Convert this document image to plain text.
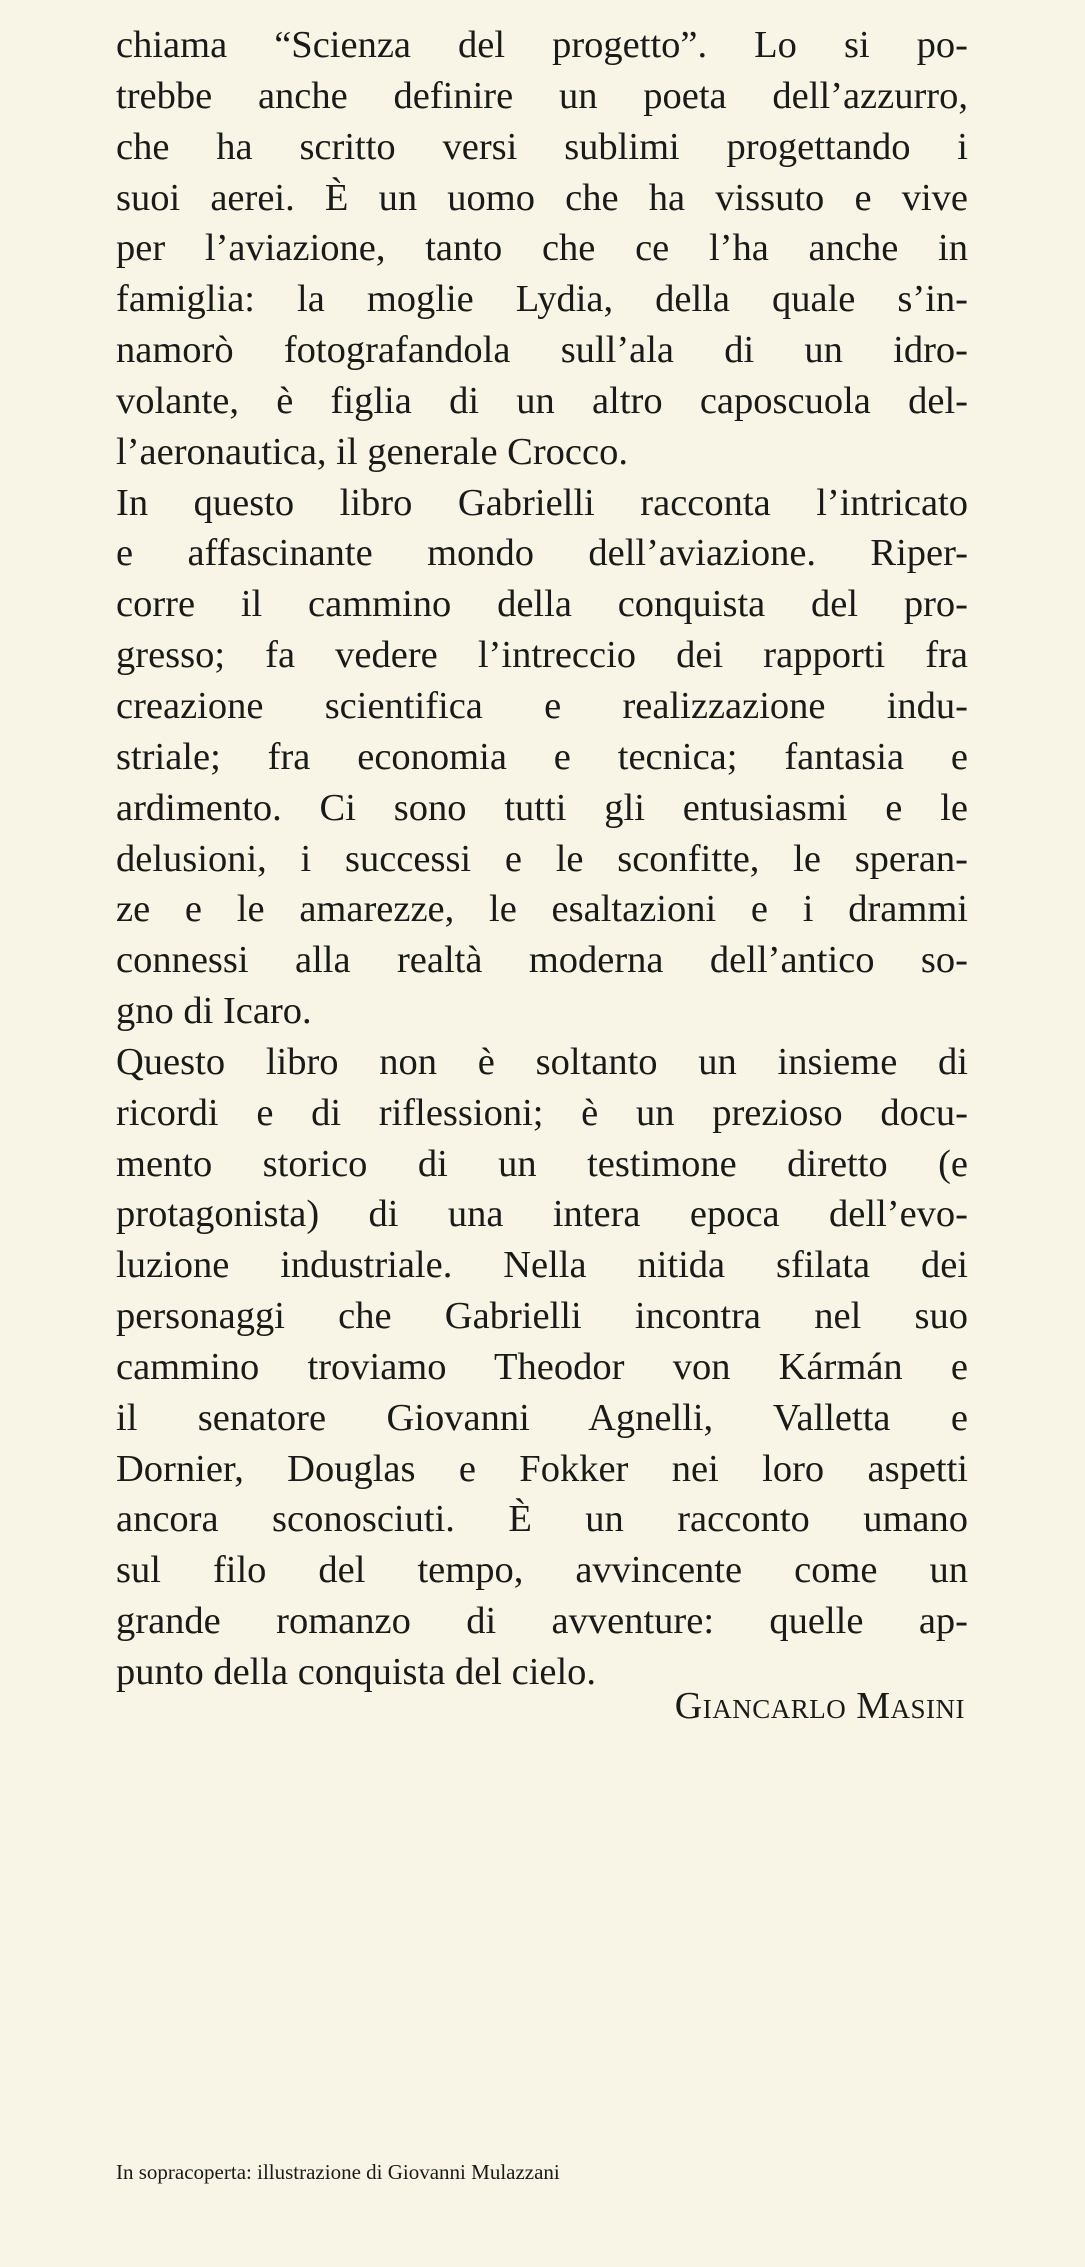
chiama “Scienza del progetto”. Lo si po-
trebbe anche definire un poeta dell’azzurro,
che ha scritto versi sublimi progettando i
suoi aerei. È un uomo che ha vissuto e vive
per l’aviazione, tanto che ce l’ha anche in
famiglia: la moglie Lydia, della quale s’in-
namorò fotografandola sull’ala di un idro-
volante, è figlia di un altro caposcuola del-
l’aeronautica, il generale Crocco.
In questo libro Gabrielli racconta l’intricato
e affascinante mondo dell’aviazione. Riper-
corre il cammino della conquista del pro-
gresso; fa vedere l’intreccio dei rapporti fra
creazione scientifica e realizzazione indu-
striale; fra economia e tecnica; fantasia e
ardimento. Ci sono tutti gli entusiasmi e le
delusioni, i successi e le sconfitte, le speran-
ze e le amarezze, le esaltazioni e i drammi
connessi alla realtà moderna dell’antico so-
gno di Icaro.
Questo libro non è soltanto un insieme di
ricordi e di riflessioni; è un prezioso docu-
mento storico di un testimone diretto (e
protagonista) di una intera epoca dell’evo-
luzione industriale. Nella nitida sfilata dei
personaggi che Gabrielli incontra nel suo
cammino troviamo Theodor von Kármán e
il senatore Giovanni Agnelli, Valletta e
Dornier, Douglas e Fokker nei loro aspetti
ancora sconosciuti. È un racconto umano
sul filo del tempo, avvincente come un
grande romanzo di avventure: quelle ap-
punto della conquista del cielo.
Giancarlo Masini
In sopracoperta: illustrazione di Giovanni Mulazzani
